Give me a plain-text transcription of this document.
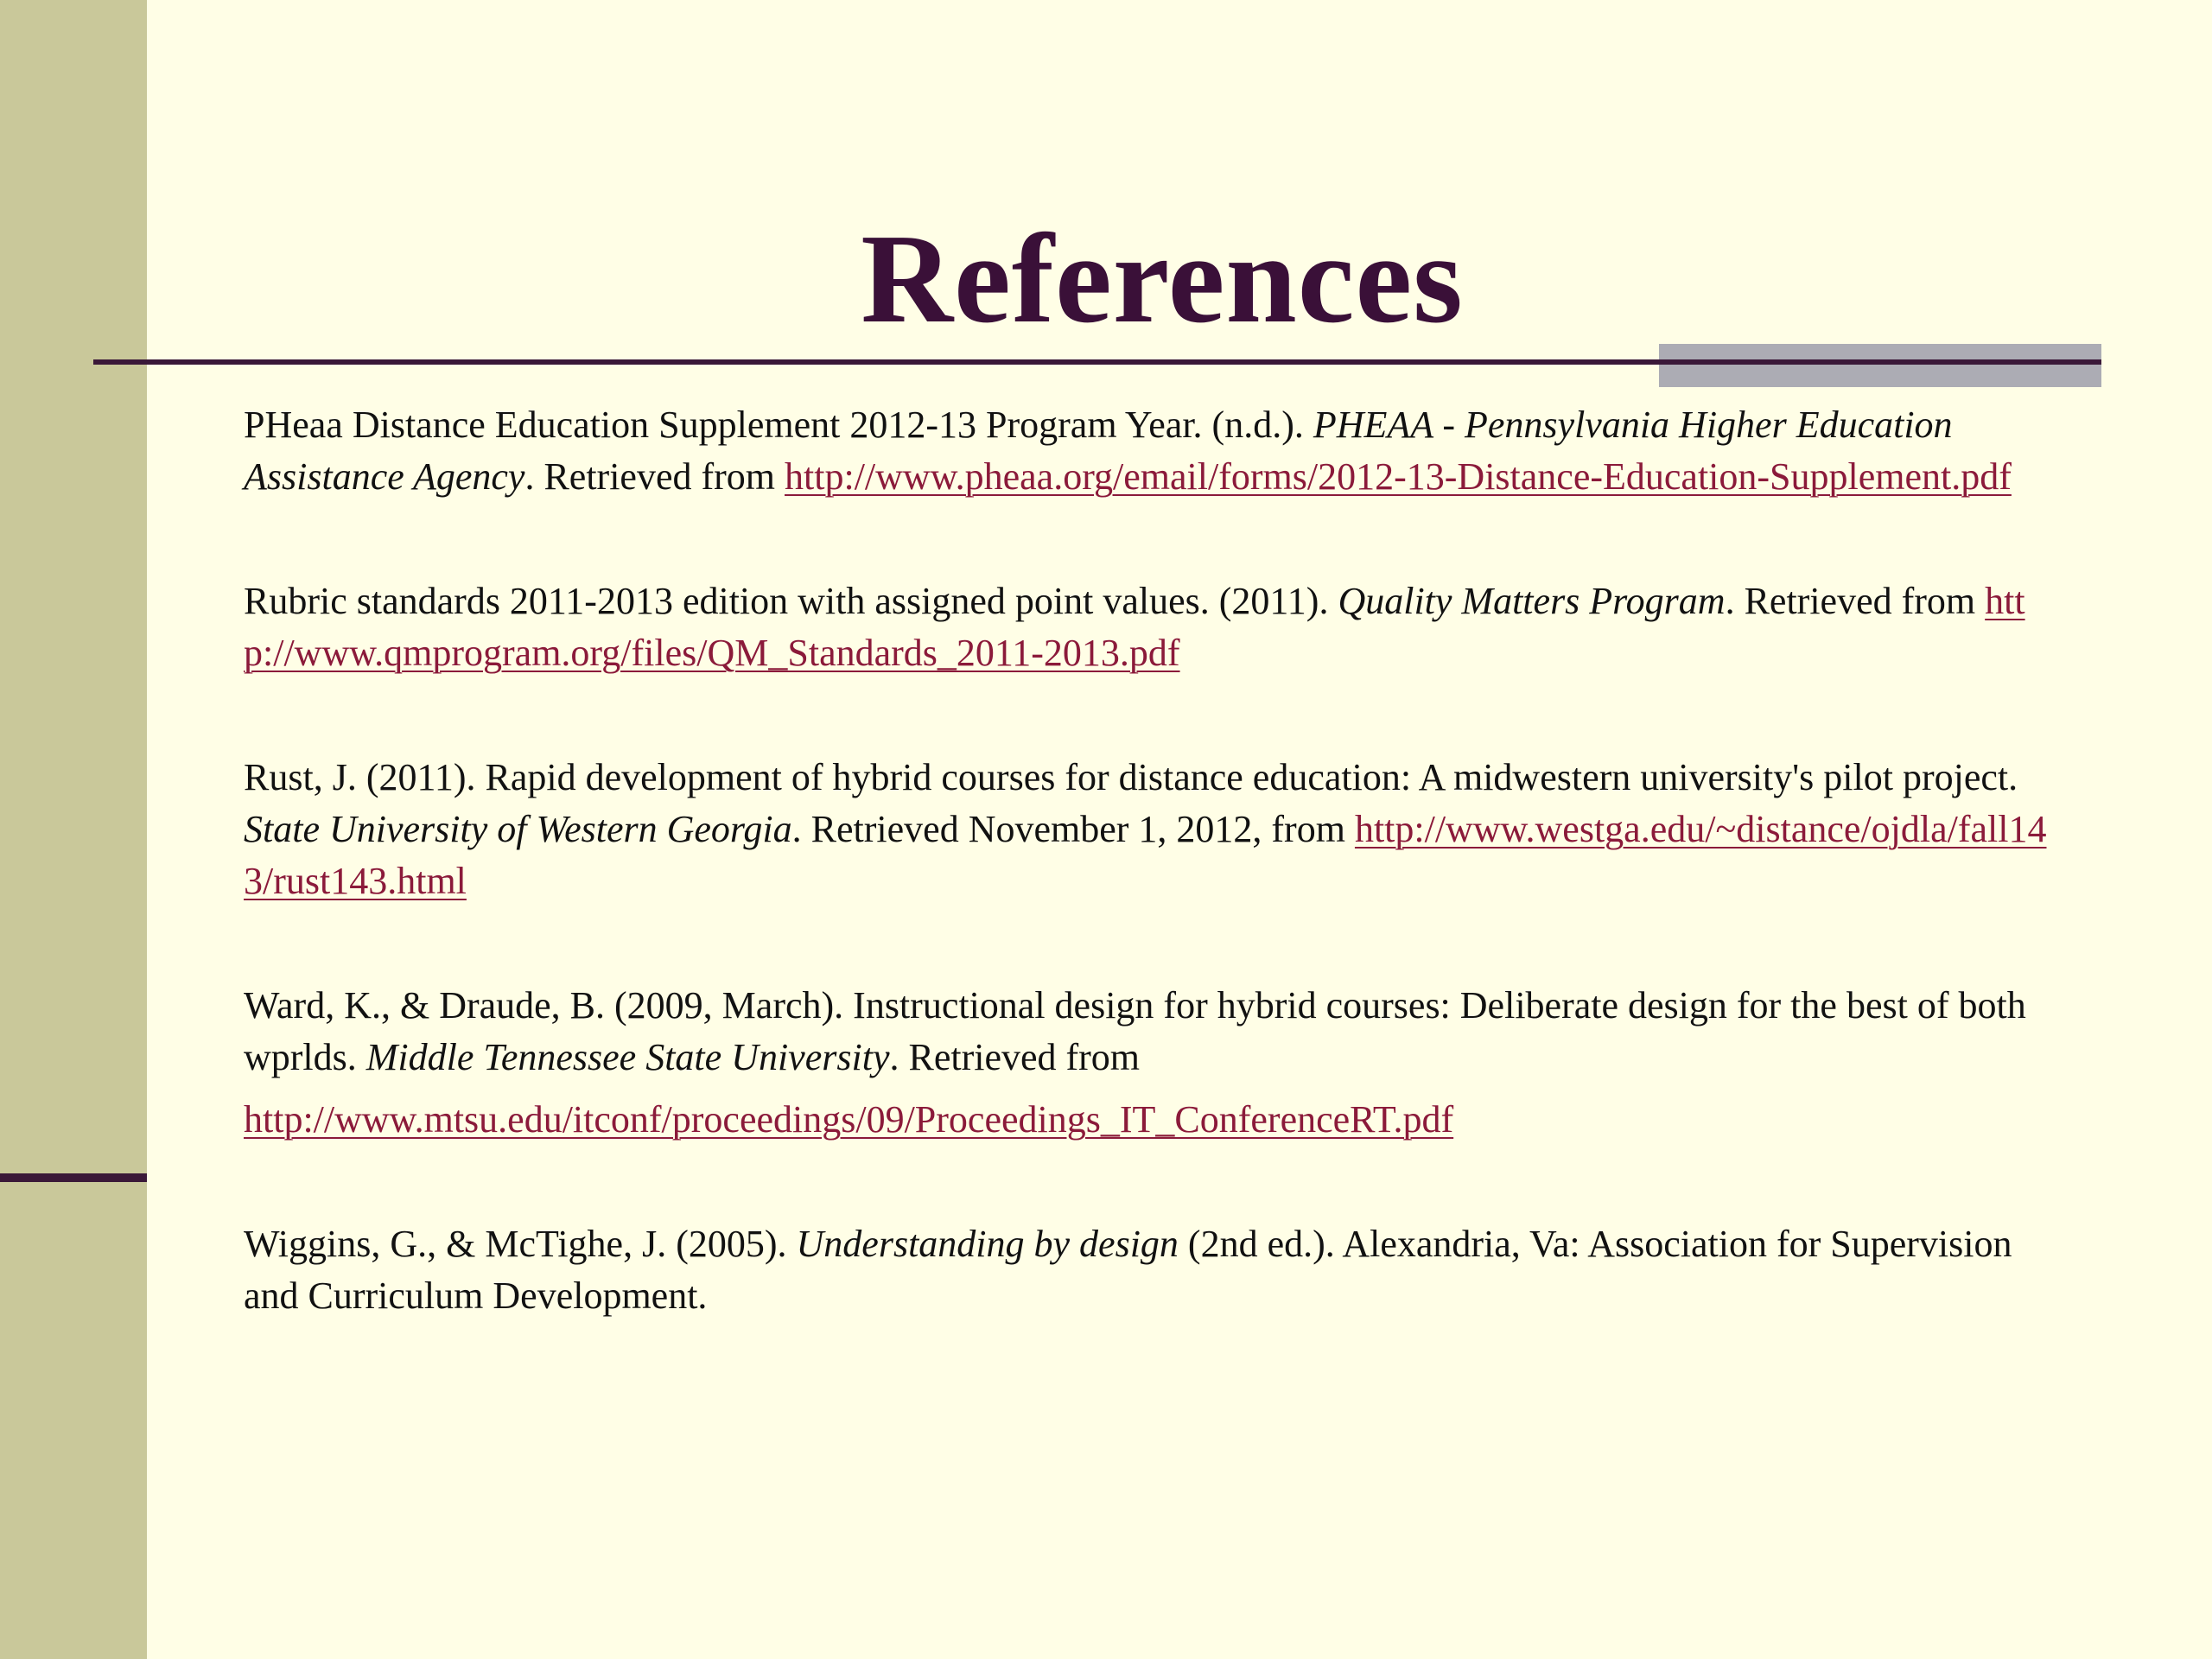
References

PHeaa Distance Education Supplement 2012-13 Program Year. (n.d.). PHEAA - Pennsylvania Higher Education Assistance Agency. Retrieved from http://www.pheaa.org/email/forms/2012-13-Distance-Education-Supplement.pdf

Rubric standards 2011-2013 edition with assigned point values. (2011). Quality Matters Program. Retrieved from http://www.qmprogram.org/files/QM_Standards_2011-2013.pdf

Rust, J. (2011). Rapid development of hybrid courses for distance education: A midwestern university's pilot project. State University of Western Georgia. Retrieved November 1, 2012, from http://www.westga.edu/~distance/ojdla/fall143/rust143.html

Ward, K., & Draude, B. (2009, March). Instructional design for hybrid courses: Deliberate design for the best of both wprlds. Middle Tennessee State University. Retrieved from
http://www.mtsu.edu/itconf/proceedings/09/Proceedings_IT_ConferenceRT.pdf

Wiggins, G., & McTighe, J. (2005). Understanding by design (2nd ed.). Alexandria, Va: Association for Supervision and Curriculum Development.
